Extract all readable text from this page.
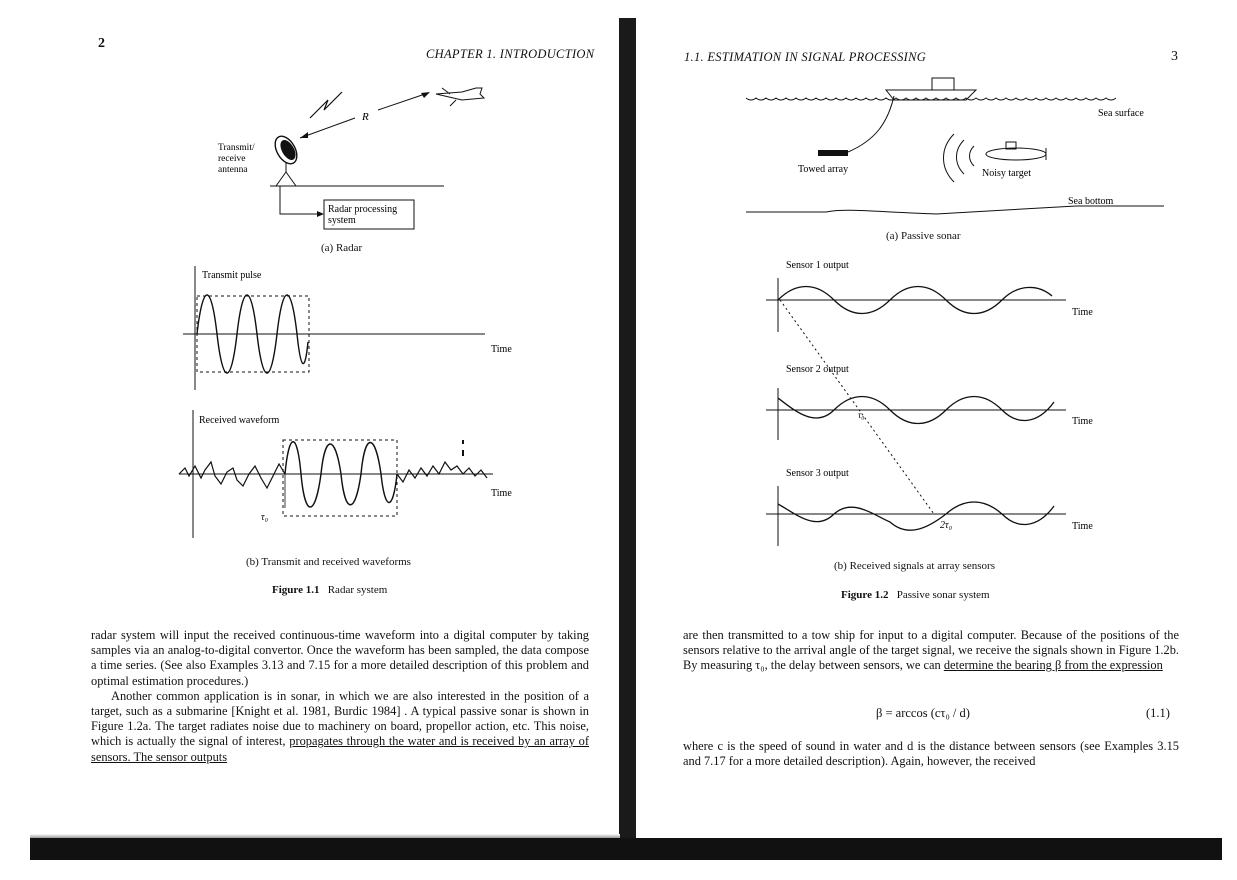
2
CHAPTER 1. INTRODUCTION
R
Radar processing
system
Transmit/
receive
antenna
(a) Radar
Transmit pulse
Time
Received waveform
Time
τ₀
(b) Transmit and received waveforms
Figure 1.1 Radar system

radar system will input the received continuous-time waveform into a digital computer by taking samples via an analog-to-digital convertor. Once the waveform has been sampled, the data compose a time series. (See also Examples 3.13 and 7.15 for a more detailed description of this problem and optimal estimation procedures.)

Another common application is in sonar, in which we are also interested in the position of a target, such as a submarine [Knight et al. 1981, Burdic 1984] . A typical passive sonar is shown in Figure 1.2a. The target radiates noise due to machinery on board, propellor action, etc. This noise, which is actually the signal of interest, propagates through the water and is received by an array of sensors. The sensor outputs

1.1. ESTIMATION IN SIGNAL PROCESSING	3
Sea surface
Towed array	Noisy target
Sea bottom
(a) Passive sonar
Sensor 1 output
Time
Sensor 2 output
Time
τ₀
Sensor 3 output
Time
2τ₀
(b) Received signals at array sensors
Figure 1.2 Passive sonar system

are then transmitted to a tow ship for input to a digital computer. Because of the positions of the sensors relative to the arrival angle of the target signal, we receive the signals shown in Figure 1.2b. By measuring τ₀, the delay between sensors, we can determine the bearing β from the expression

β = arccos (cτ₀ / d)	(1.1)

where c is the speed of sound in water and d is the distance between sensors (see Examples 3.15 and 7.17 for a more detailed description). Again, however, the received
